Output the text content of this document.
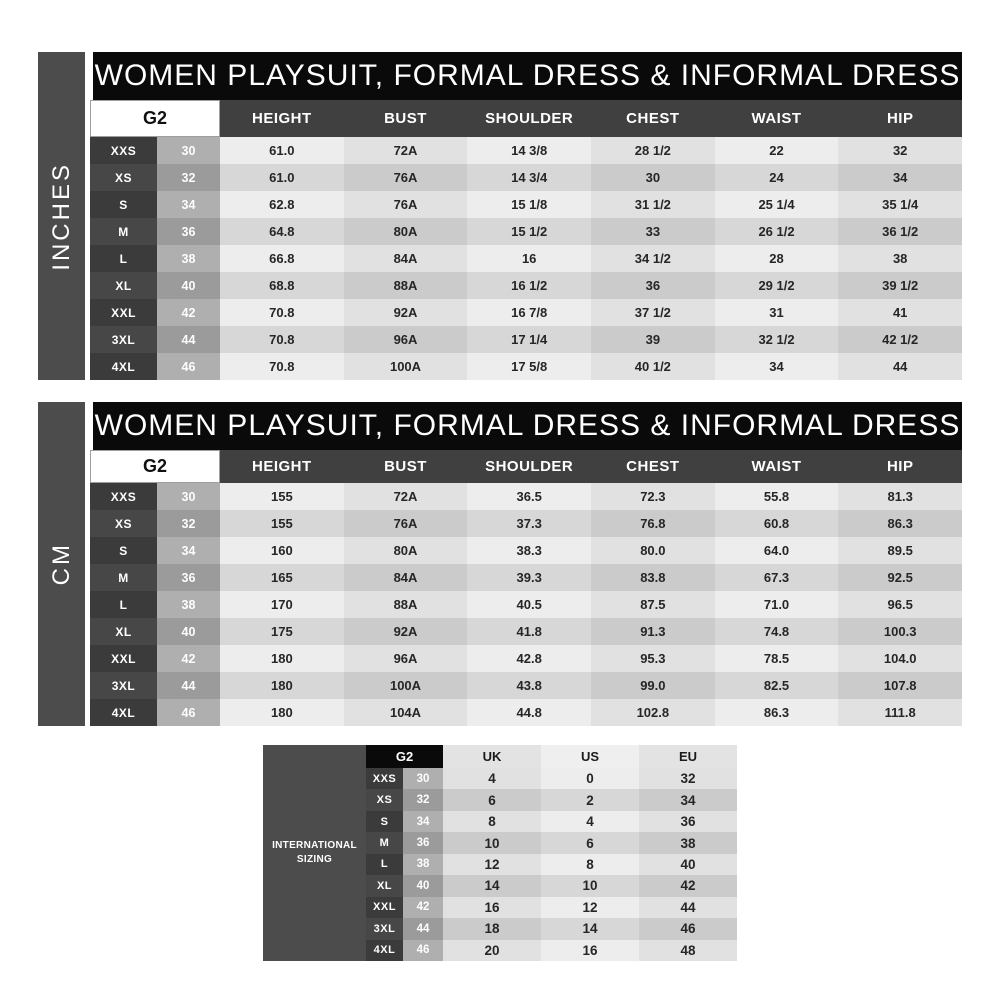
INCHES
WOMEN PLAYSUIT, FORMAL DRESS & INFORMAL DRESS
G2	HEIGHT	BUST	SHOULDER	CHEST	WAIST	HIP
XXS	30	61.0	72A	14 3/8	28 1/2	22	32
XS	32	61.0	76A	14 3/4	30	24	34
S	34	62.8	76A	15 1/8	31 1/2	25 1/4	35 1/4
M	36	64.8	80A	15 1/2	33	26 1/2	36 1/2
L	38	66.8	84A	16	34 1/2	28	38
XL	40	68.8	88A	16 1/2	36	29 1/2	39 1/2
XXL	42	70.8	92A	16 7/8	37 1/2	31	41
3XL	44	70.8	96A	17 1/4	39	32 1/2	42 1/2
4XL	46	70.8	100A	17 5/8	40 1/2	34	44
CM
WOMEN PLAYSUIT, FORMAL DRESS & INFORMAL DRESS
G2	HEIGHT	BUST	SHOULDER	CHEST	WAIST	HIP
XXS	30	155	72A	36.5	72.3	55.8	81.3
XS	32	155	76A	37.3	76.8	60.8	86.3
S	34	160	80A	38.3	80.0	64.0	89.5
M	36	165	84A	39.3	83.8	67.3	92.5
L	38	170	88A	40.5	87.5	71.0	96.5
XL	40	175	92A	41.8	91.3	74.8	100.3
XXL	42	180	96A	42.8	95.3	78.5	104.0
3XL	44	180	100A	43.8	99.0	82.5	107.8
4XL	46	180	104A	44.8	102.8	86.3	111.8
INTERNATIONAL SIZING
G2	UK	US	EU
XXS	30	4	0	32
XS	32	6	2	34
S	34	8	4	36
M	36	10	6	38
L	38	12	8	40
XL	40	14	10	42
XXL	42	16	12	44
3XL	44	18	14	46
4XL	46	20	16	48
